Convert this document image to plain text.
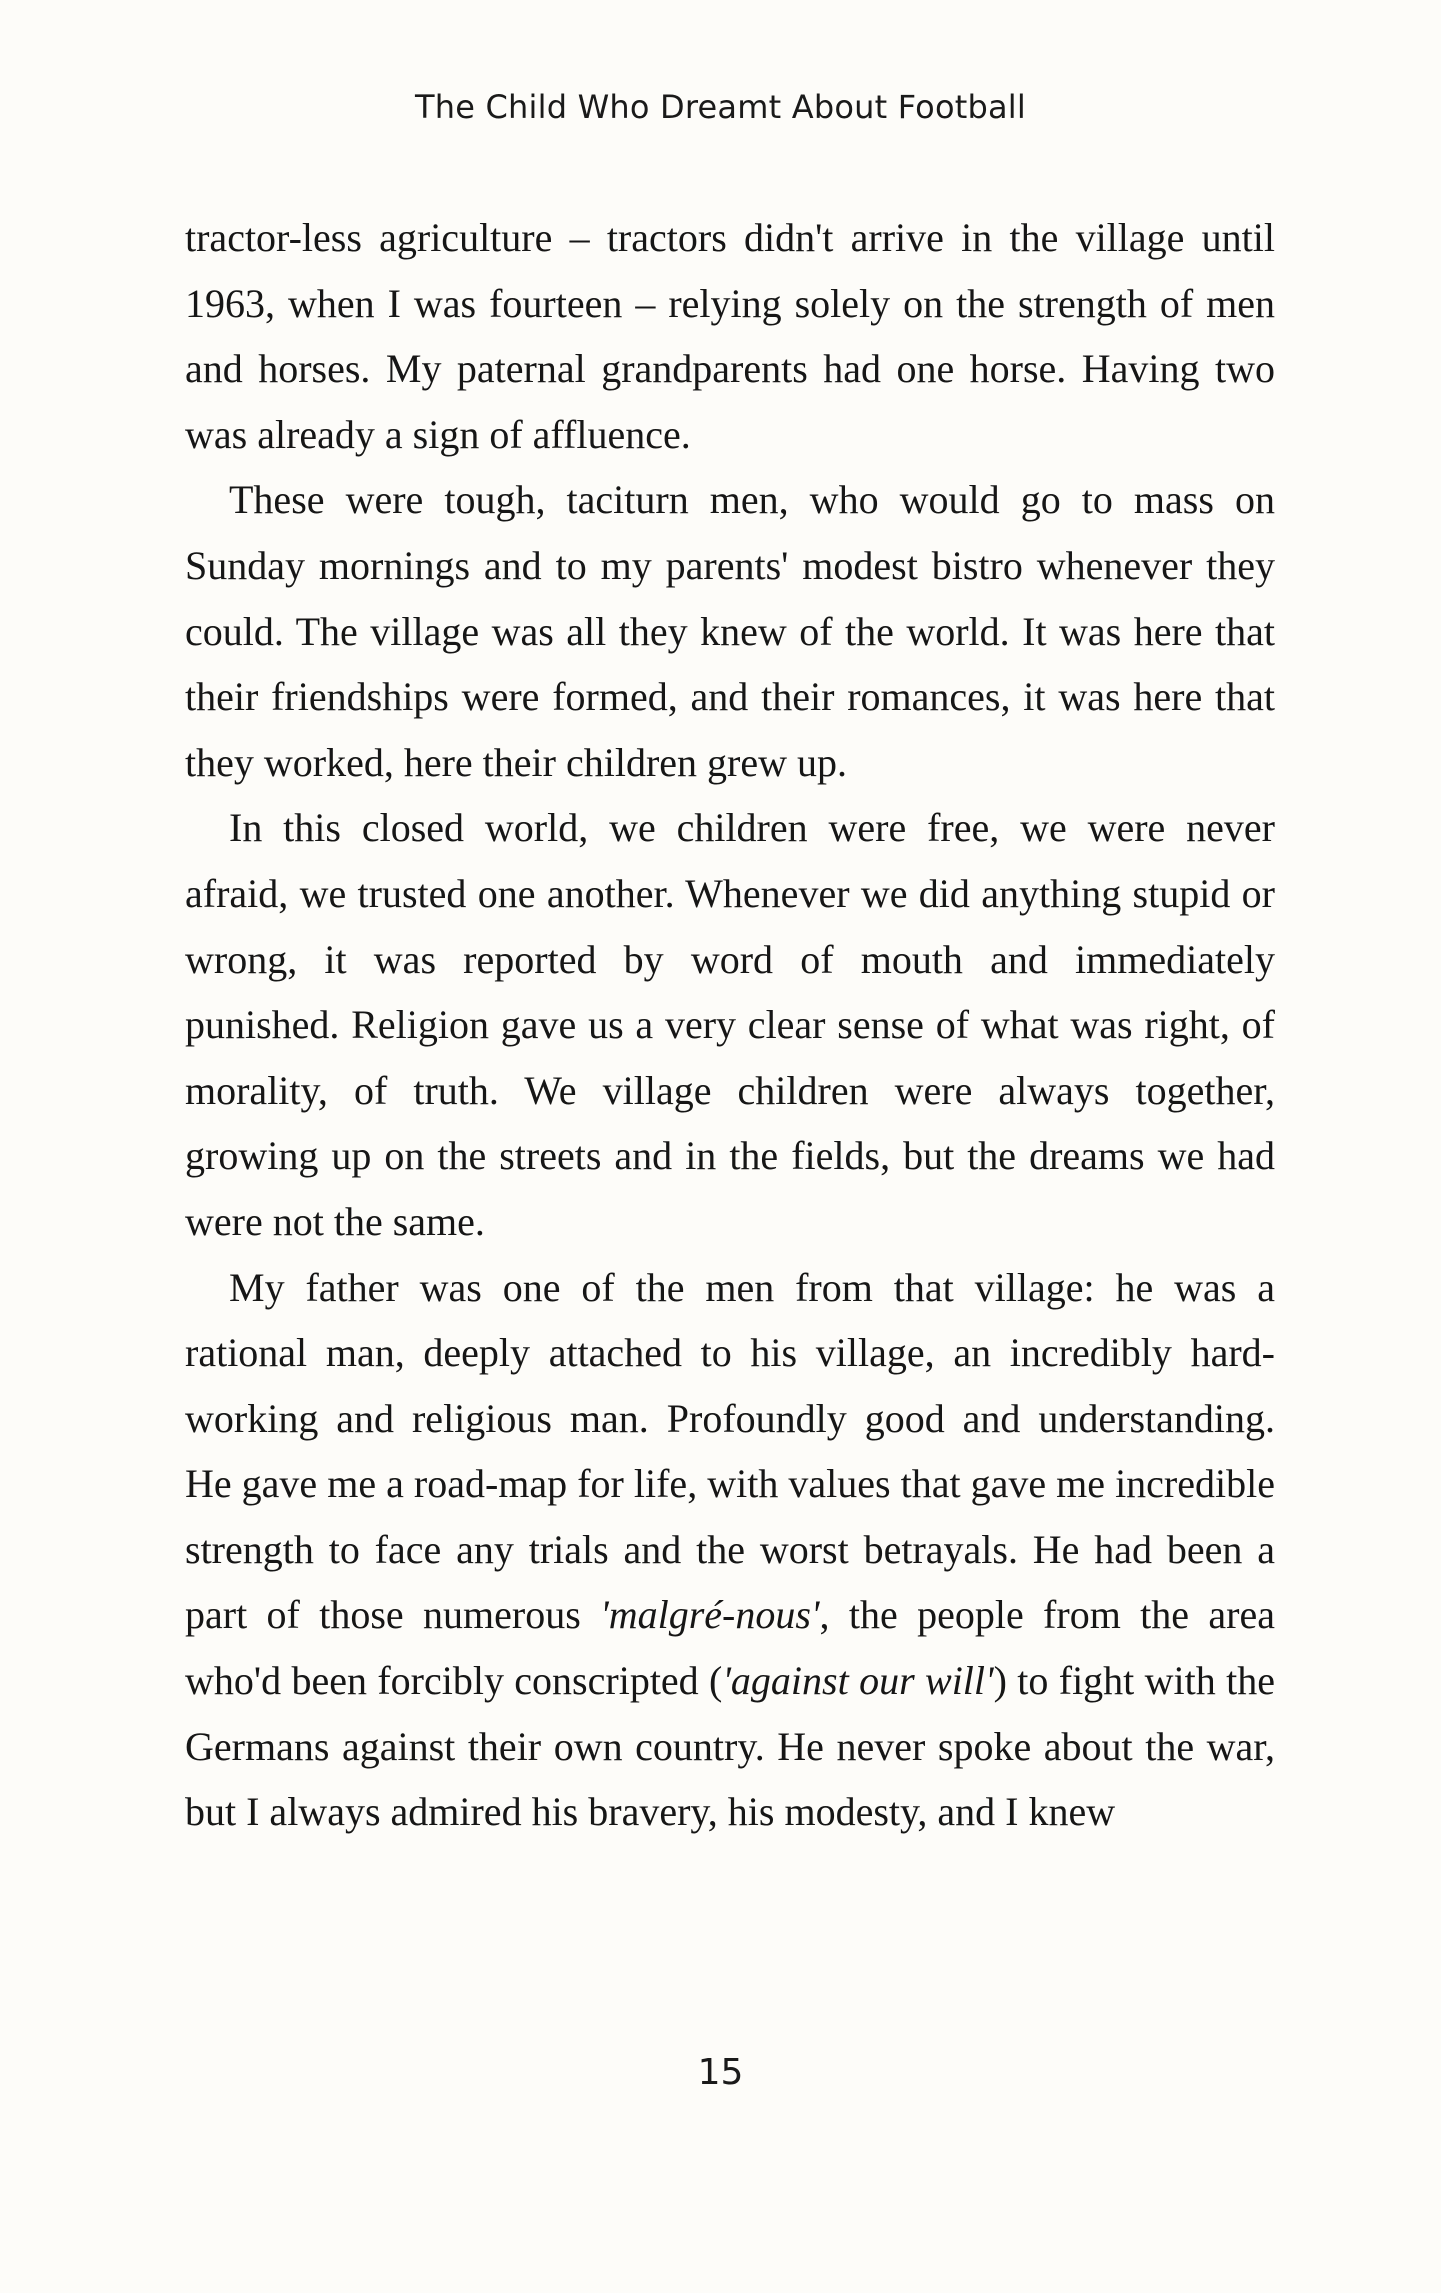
The Child Who Dreamt About Football

tractor-less agriculture – tractors didn't arrive in the village until 1963, when I was fourteen – relying solely on the strength of men and horses. My paternal grandparents had one horse. Having two was already a sign of affluence.

These were tough, taciturn men, who would go to mass on Sunday mornings and to my parents' modest bistro whenever they could. The village was all they knew of the world. It was here that their friendships were formed, and their romances, it was here that they worked, here their children grew up.

In this closed world, we children were free, we were never afraid, we trusted one another. Whenever we did anything stupid or wrong, it was reported by word of mouth and immediately punished. Religion gave us a very clear sense of what was right, of morality, of truth. We village children were always together, growing up on the streets and in the fields, but the dreams we had were not the same.

My father was one of the men from that village: he was a rational man, deeply attached to his village, an incredibly hard-working and religious man. Profoundly good and understanding. He gave me a road-map for life, with values that gave me incredible strength to face any trials and the worst betrayals. He had been a part of those numerous 'malgré-nous', the people from the area who'd been forcibly conscripted ('against our will') to fight with the Germans against their own country. He never spoke about the war, but I always admired his bravery, his modesty, and I knew

15
